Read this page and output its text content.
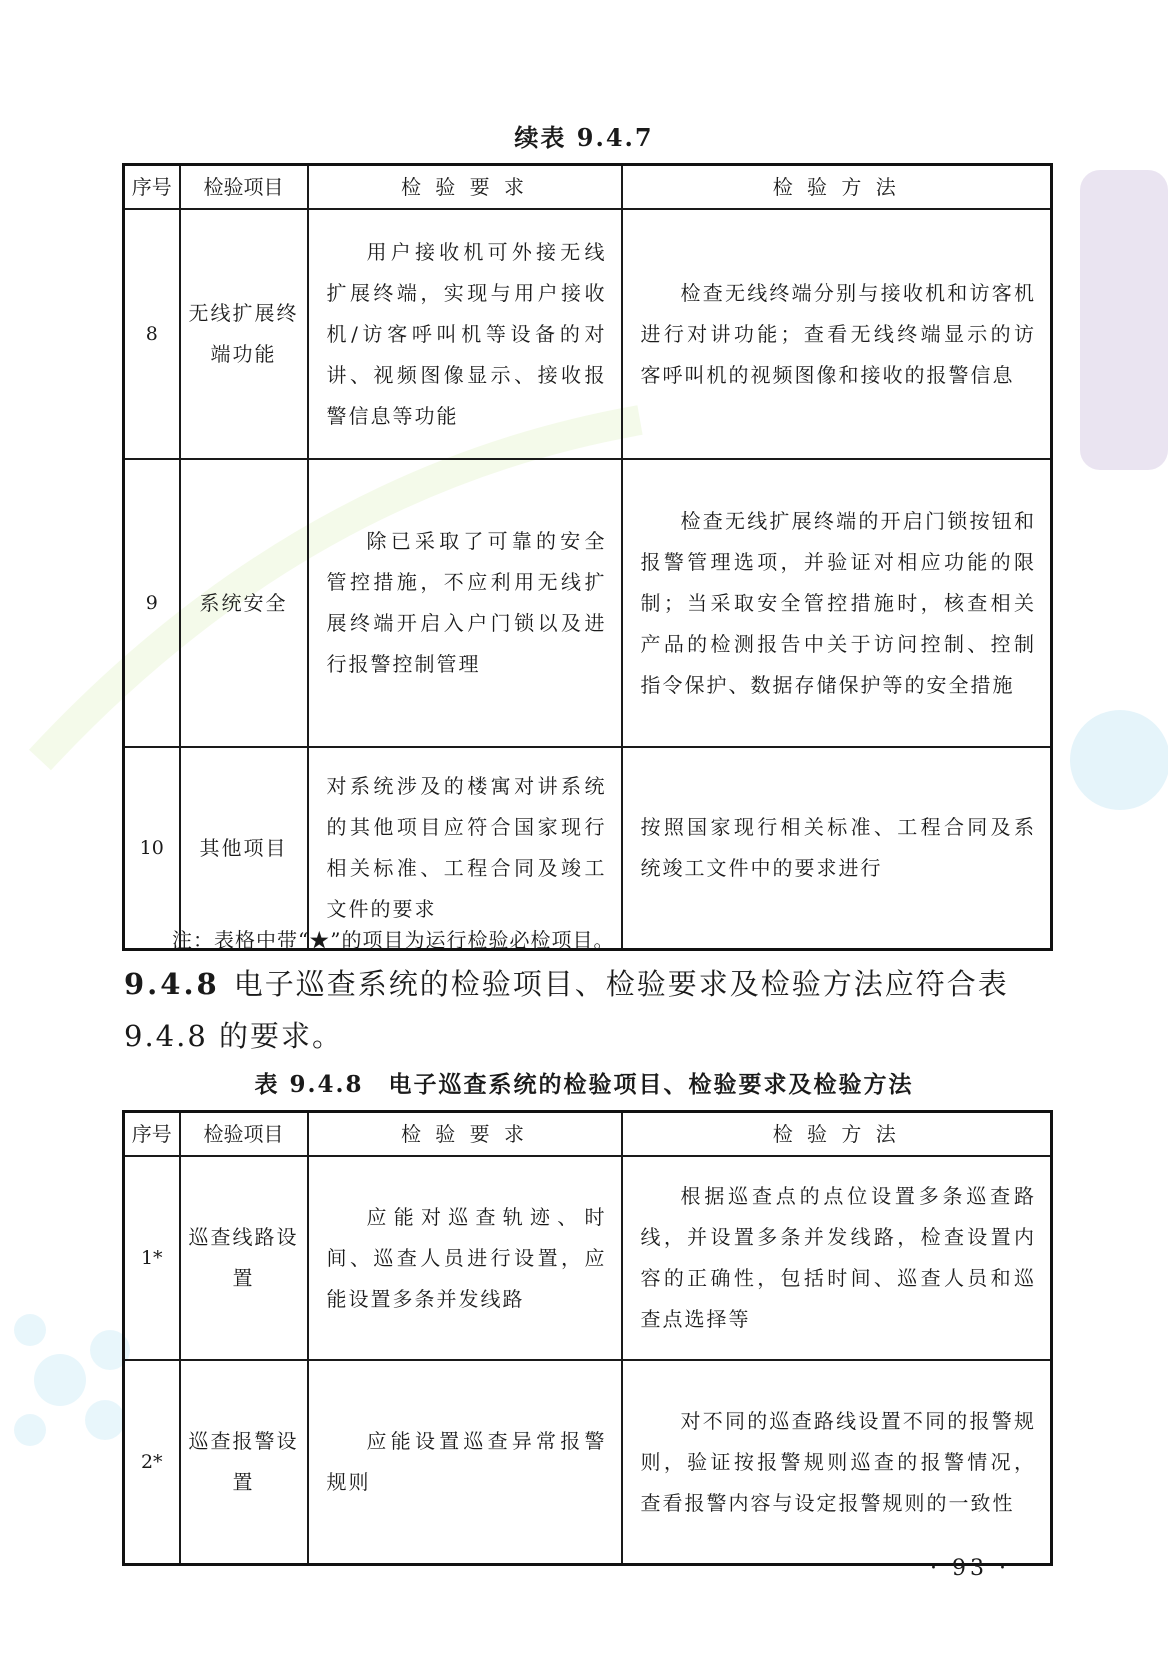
续表 9.4.7
序号	检验项目	检 验 要 求	检 验 方 法
8	无线扩展终端功能	用户接收机可外接无线扩展终端，实现与用户接收机/访客呼叫机等设备的对讲、视频图像显示、接收报警信息等功能	检查无线终端分别与接收机和访客机进行对讲功能；查看无线终端显示的访客呼叫机的视频图像和接收的报警信息
9	系统安全	除已采取了可靠的安全管控措施，不应利用无线扩展终端开启入户门锁以及进行报警控制管理	检查无线扩展终端的开启门锁按钮和报警管理选项，并验证对相应功能的限制；当采取安全管控措施时，核查相关产品的检测报告中关于访问控制、控制指令保护、数据存储保护等的安全措施
10	其他项目	对系统涉及的楼寓对讲系统的其他项目应符合国家现行相关标准、工程合同及竣工文件的要求	按照国家现行相关标准、工程合同及系统竣工文件中的要求进行
注：表格中带“★”的项目为运行检验必检项目。
9.4.8 电子巡查系统的检验项目、检验要求及检验方法应符合表 9.4.8 的要求。
表 9.4.8　电子巡查系统的检验项目、检验要求及检验方法
序号	检验项目	检 验 要 求	检 验 方 法
1*	巡查线路设置	应能对巡查轨迹、时间、巡查人员进行设置，应能设置多条并发线路	根据巡查点的点位设置多条巡查路线，并设置多条并发线路，检查设置内容的正确性，包括时间、巡查人员和巡查点选择等
2*	巡查报警设置	应能设置巡查异常报警规则	对不同的巡查路线设置不同的报警规则，验证按报警规则巡查的报警情况，查看报警内容与设定报警规则的一致性
· 93 ·
